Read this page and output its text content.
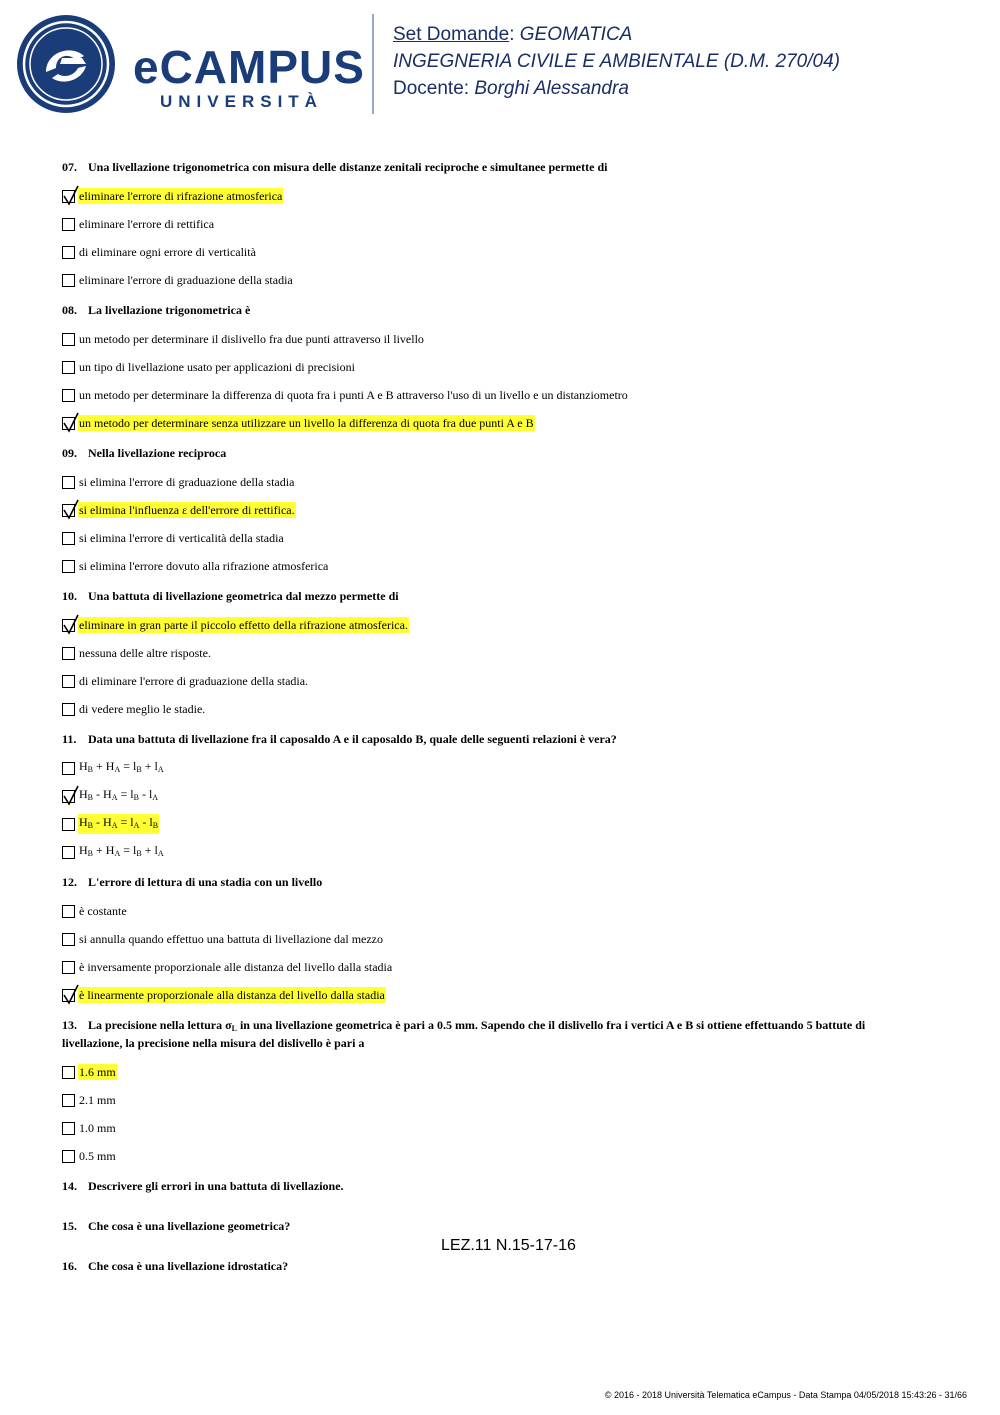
eCAMPUS
UNIVERSITÀ
Set Domande: GEOMATICA
INGEGNERIA CIVILE E AMBIENTALE (D.M. 270/04)
Docente: Borghi Alessandra
07. Una livellazione trigonometrica con misura delle distanze zenitali reciproche e simultanee permette di
eliminare l'errore di rifrazione atmosferica
eliminare l'errore di rettifica
di eliminare ogni errore di verticalità
eliminare l'errore di graduazione della stadia
08. La livellazione trigonometrica è
un metodo per determinare il dislivello fra due punti attraverso il livello
un tipo di livellazione usato per applicazioni di precisioni
un metodo per determinare la differenza di quota fra i punti A e B attraverso l'uso di un livello e un distanziometro
un metodo per determinare senza utilizzare un livello la differenza di quota fra due punti A e B
09. Nella livellazione reciproca
si elimina l'errore di graduazione della stadia
si elimina l'influenza ε dell'errore di rettifica.
si elimina l'errore di verticalità della stadia
si elimina l'errore dovuto alla rifrazione atmosferica
10. Una battuta di livellazione geometrica dal mezzo permette di
eliminare in gran parte il piccolo effetto della rifrazione atmosferica.
nessuna delle altre risposte.
di eliminare l'errore di graduazione della stadia.
di vedere meglio le stadie.
11. Data una battuta di livellazione fra il caposaldo A e il caposaldo B, quale delle seguenti relazioni è vera?
$H_B + H_A = l_B + l_A$
$H_B - H_A = l_B - l_A$
$H_B - H_A = l_A - l_B$
$H_B + H_A = l_B + l_A$
12. L'errore di lettura di una stadia con un livello
è costante
si annulla quando effettuo una battuta di livellazione dal mezzo
è inversamente proporzionale alle distanza del livello dalla stadia
è linearmente proporzionale alla distanza del livello dalla stadia
13. La precisione nella lettura $\sigma_L$ in una livellazione geometrica è pari a 0.5 mm. Sapendo che il dislivello fra i vertici A e B si ottiene effettuando 5 battute di livellazione, la precisione nella misura del dislivello è pari a
1.6 mm
2.1 mm
1.0 mm
0.5 mm
14. Descrivere gli errori in una battuta di livellazione.
15. Che cosa è una livellazione geometrica?
16. Che cosa è una livellazione idrostatica?
LEZ.11 N.15-17-16
© 2016 - 2018 Università Telematica eCampus - Data Stampa 04/05/2018 15:43:26 - 31/66
